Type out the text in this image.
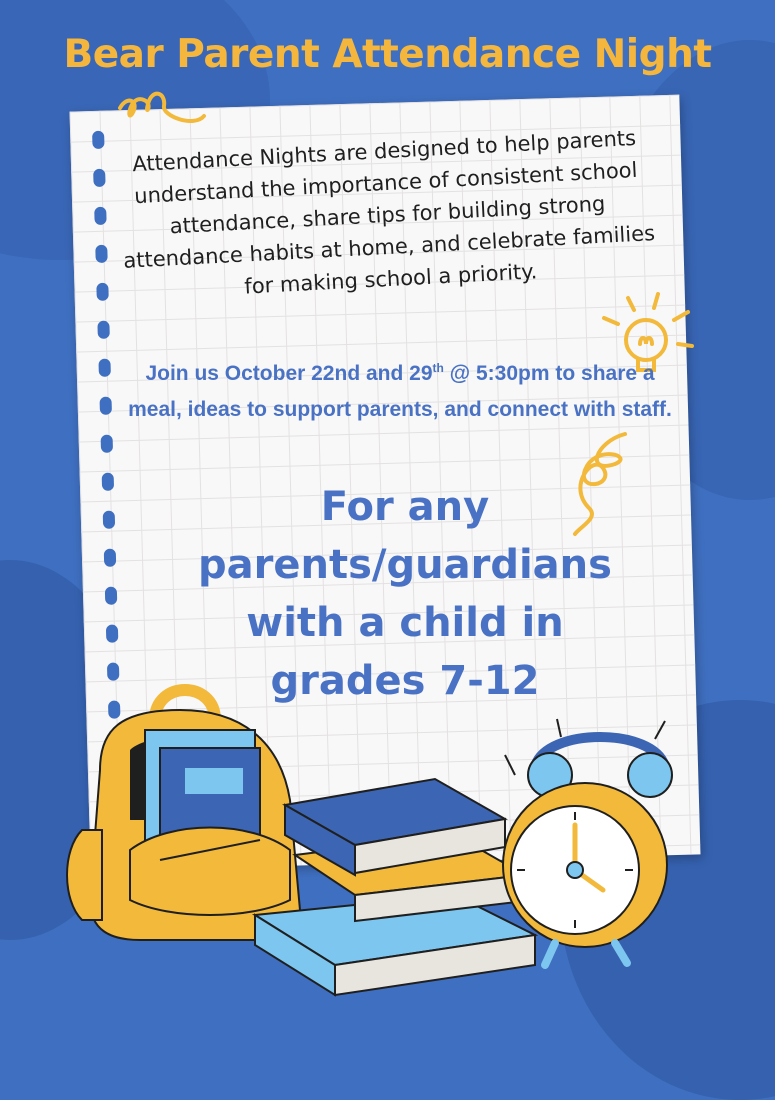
Bear Parent Attendance Night

Attendance Nights are designed to help parents understand the importance of consistent school attendance, share tips for building strong attendance habits at home, and celebrate families for making school a priority.

Join us October 22nd and 29th @ 5:30pm to share a meal, ideas to support parents, and connect with staff.

For any
parents/guardians
with a child in
grades 7-12
